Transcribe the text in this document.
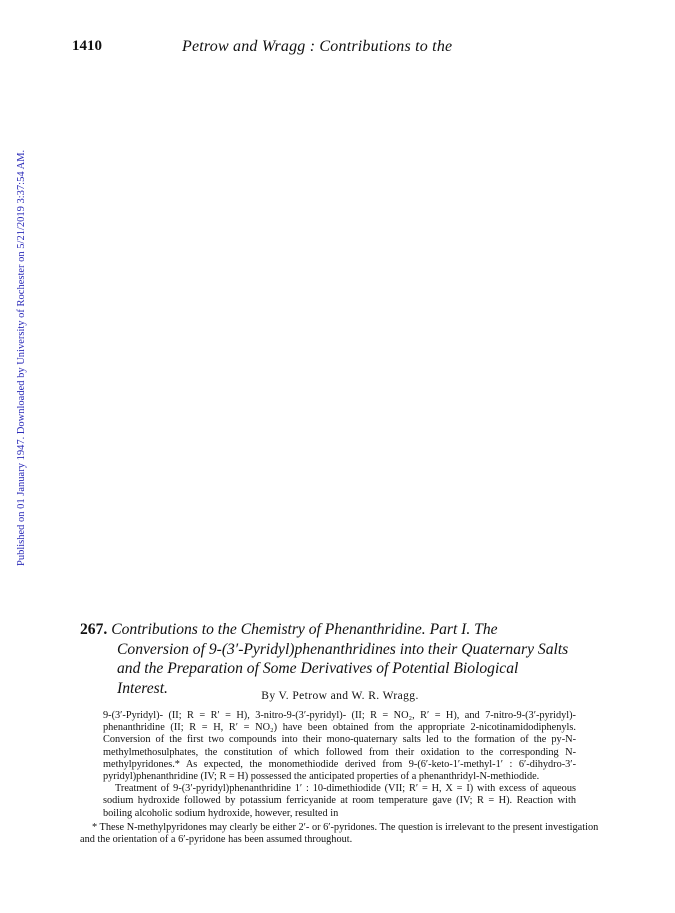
1410	Petrow and Wragg : Contributions to the
Published on 01 January 1947. Downloaded by University of Rochester on 5/21/2019 3:37:54 AM.
267. Contributions to the Chemistry of Phenanthridine. Part I. The
Conversion of 9-(3′-Pyridyl)phenanthridines into their Quaternary Salts
and the Preparation of Some Derivatives of Potential Biological
Interest.	By V. Petrow and W. R. Wragg.

9-(3′-Pyridyl)- (II; R = R′ = H), 3-nitro-9-(3′-pyridyl)- (II; R = NO₂, R′ = H), and 7-nitro-9-(3′-pyridyl)-phenanthridine (II; R = H, R′ = NO₂) have been obtained from the appropriate 2-nicotinamidodiphenyls. Conversion of the first two compounds into their mono-quaternary salts led to the formation of the py-N-methylmethosulphates, the constitution of which followed from their oxidation to the corresponding N-methylpyridones.* As expected, the monomethiodide derived from 9-(6′-keto-1′-methyl-1′ : 6′-dihydro-3′-pyridyl)phenanthridine (IV; R = H) possessed the anticipated properties of a phenanthridyl-N-methiodide.

Treatment of 9-(3′-pyridyl)phenanthridine 1′ : 10-dimethiodide (VII; R′ = H, X = I) with excess of aqueous sodium hydroxide followed by potassium ferricyanide at room temperature gave (IV; R = H). Reaction with boiling alcoholic sodium hydroxide, however, resulted in

* These N-methylpyridones may clearly be either 2′- or 6′-pyridones. The question is irrelevant to the present investigation and the orientation of a 6′-pyridone has been assumed throughout.
